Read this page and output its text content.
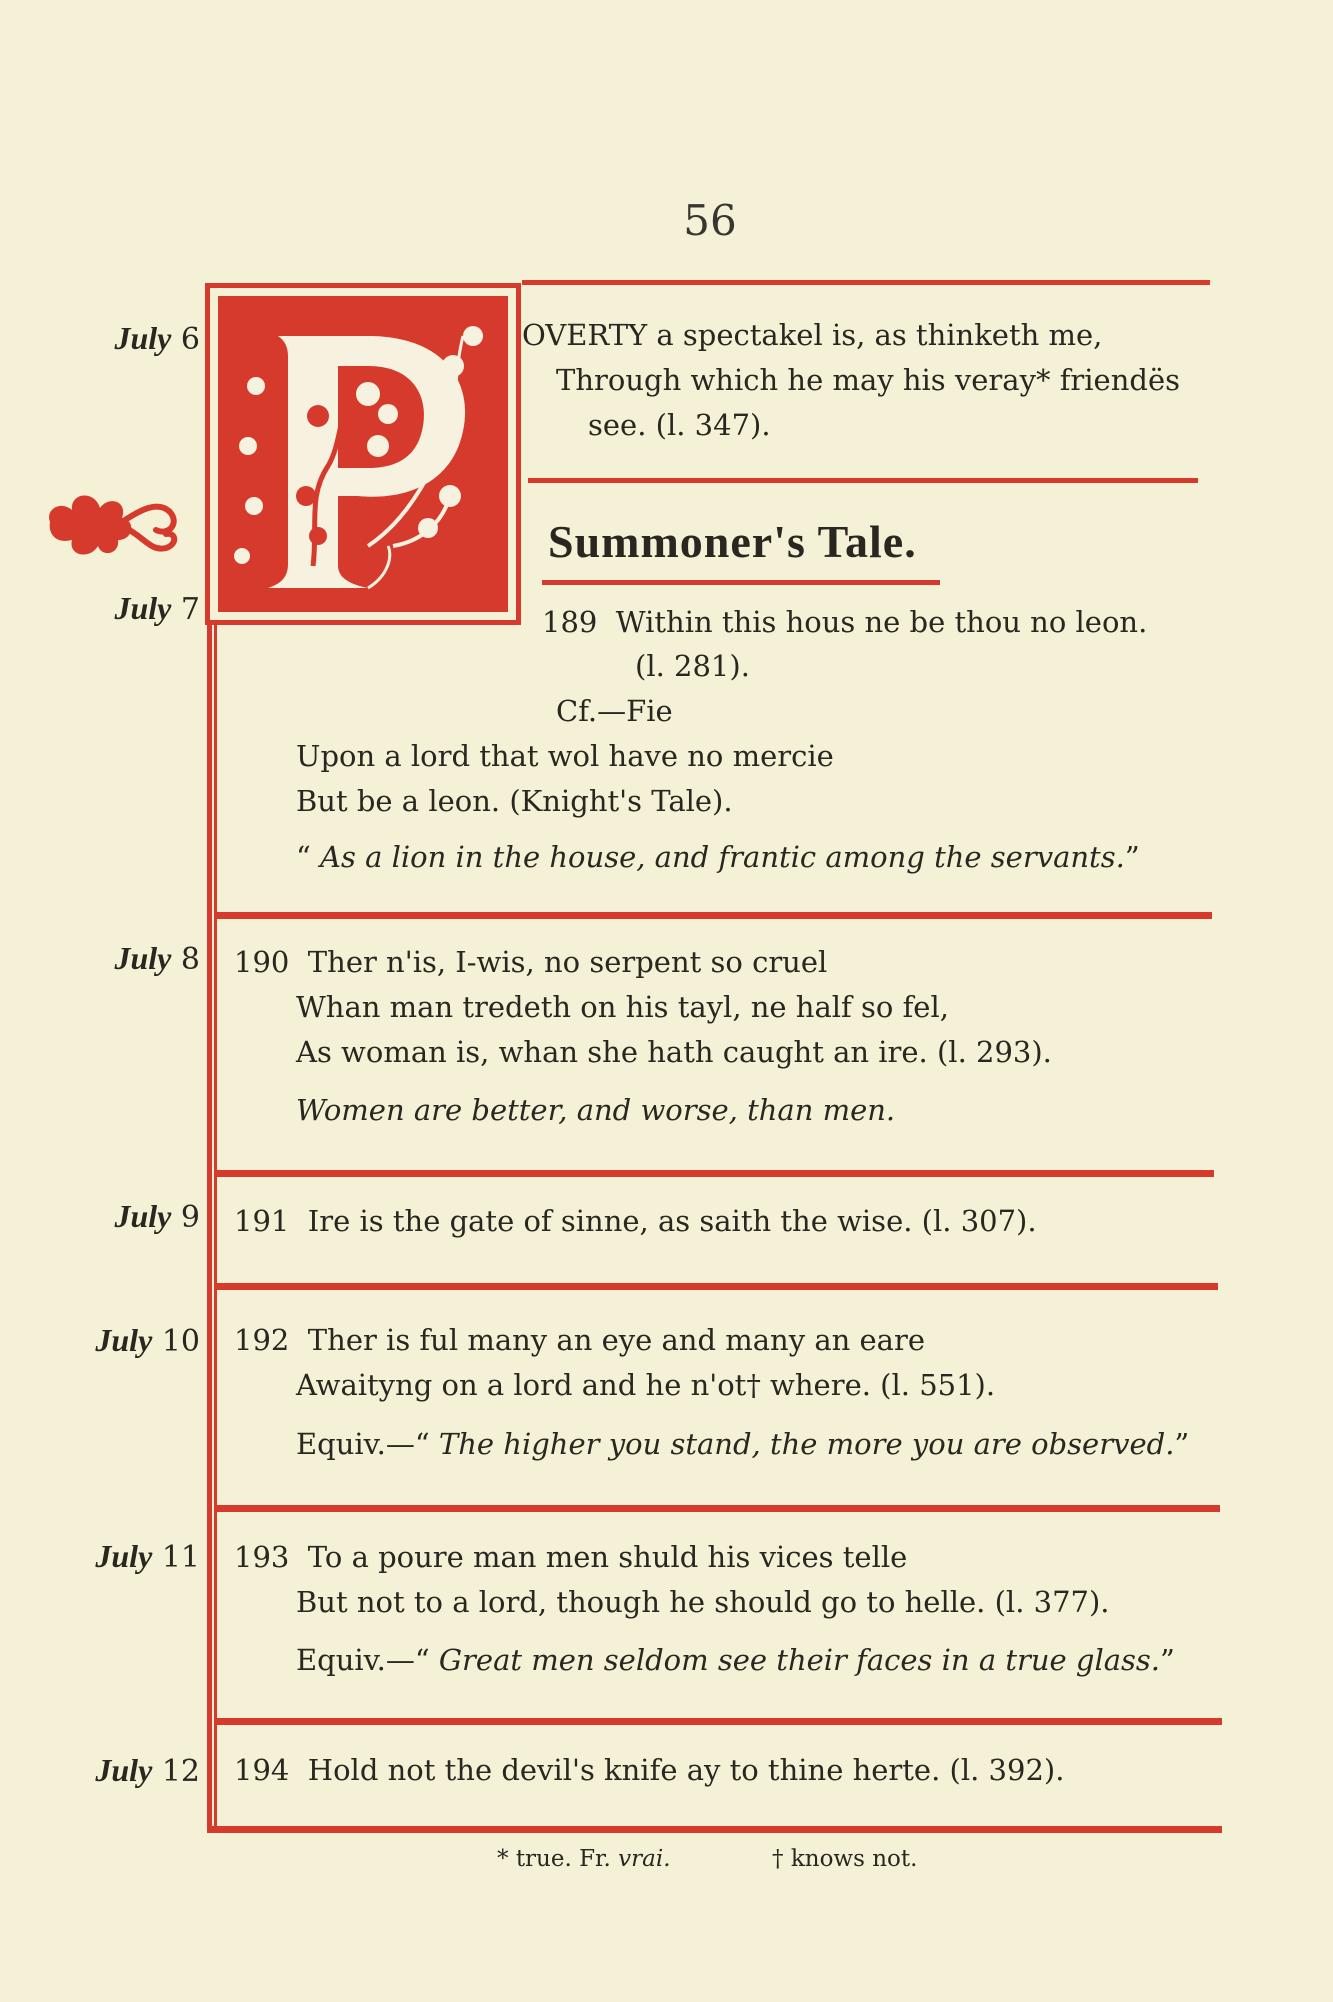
56
July 6
July 7
July 8
July 9
July 10
July 11
July 12
OVERTY a spectakel is, as thinketh me,
Through which he may his veray* friendës
see. (l. 347).
Summoner's Tale.
189 Within this hous ne be thou no leon.
(l. 281).
Cf.—Fie
Upon a lord that wol have no mercie
But be a leon. (Knight's Tale).
“ As a lion in the house, and frantic among the servants.”
190 Ther n'is, I-wis, no serpent so cruel
Whan man tredeth on his tayl, ne half so fel,
As woman is, whan she hath caught an ire. (l. 293).
Women are better, and worse, than men.
191 Ire is the gate of sinne, as saith the wise. (l. 307).
192 Ther is ful many an eye and many an eare
Awaityng on a lord and he n'ot† where. (l. 551).
Equiv.—“ The higher you stand, the more you are observed.”
193 To a poure man men shuld his vices telle
But not to a lord, though he should go to helle. (l. 377).
Equiv.—“ Great men seldom see their faces in a true glass.”
194 Hold not the devil's knife ay to thine herte. (l. 392).
* true. Fr. vrai.	† knows not.
